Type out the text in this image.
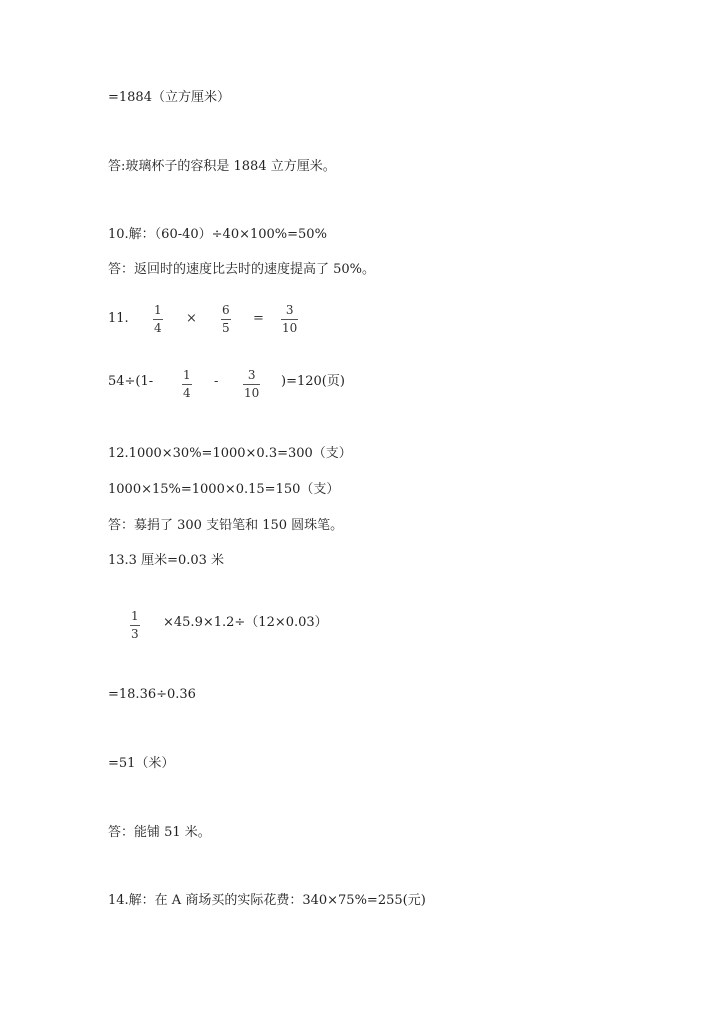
=1884（立方厘米）
答:玻璃杯子的容积是 1884 立方厘米。
10.解：（60-40）÷40×100%=50%
答：返回时的速度比去时的速度提高了 50%。
11.
1
4
×
6
5
=
3
10
54÷(1- 1
4
- 3
10
)=120(页)
12.1000×30%=1000×0.3=300（支）
1000×15%=1000×0.15=150（支）
答：募捐了 300 支铅笔和 150 圆珠笔。
13.3 厘米=0.03 米
1
3
×45.9×1.2÷（12×0.03）
=18.36÷0.36
=51（米）
答：能铺 51 米。
14.解：在 A 商场买的实际花费：340×75%=255(元)
